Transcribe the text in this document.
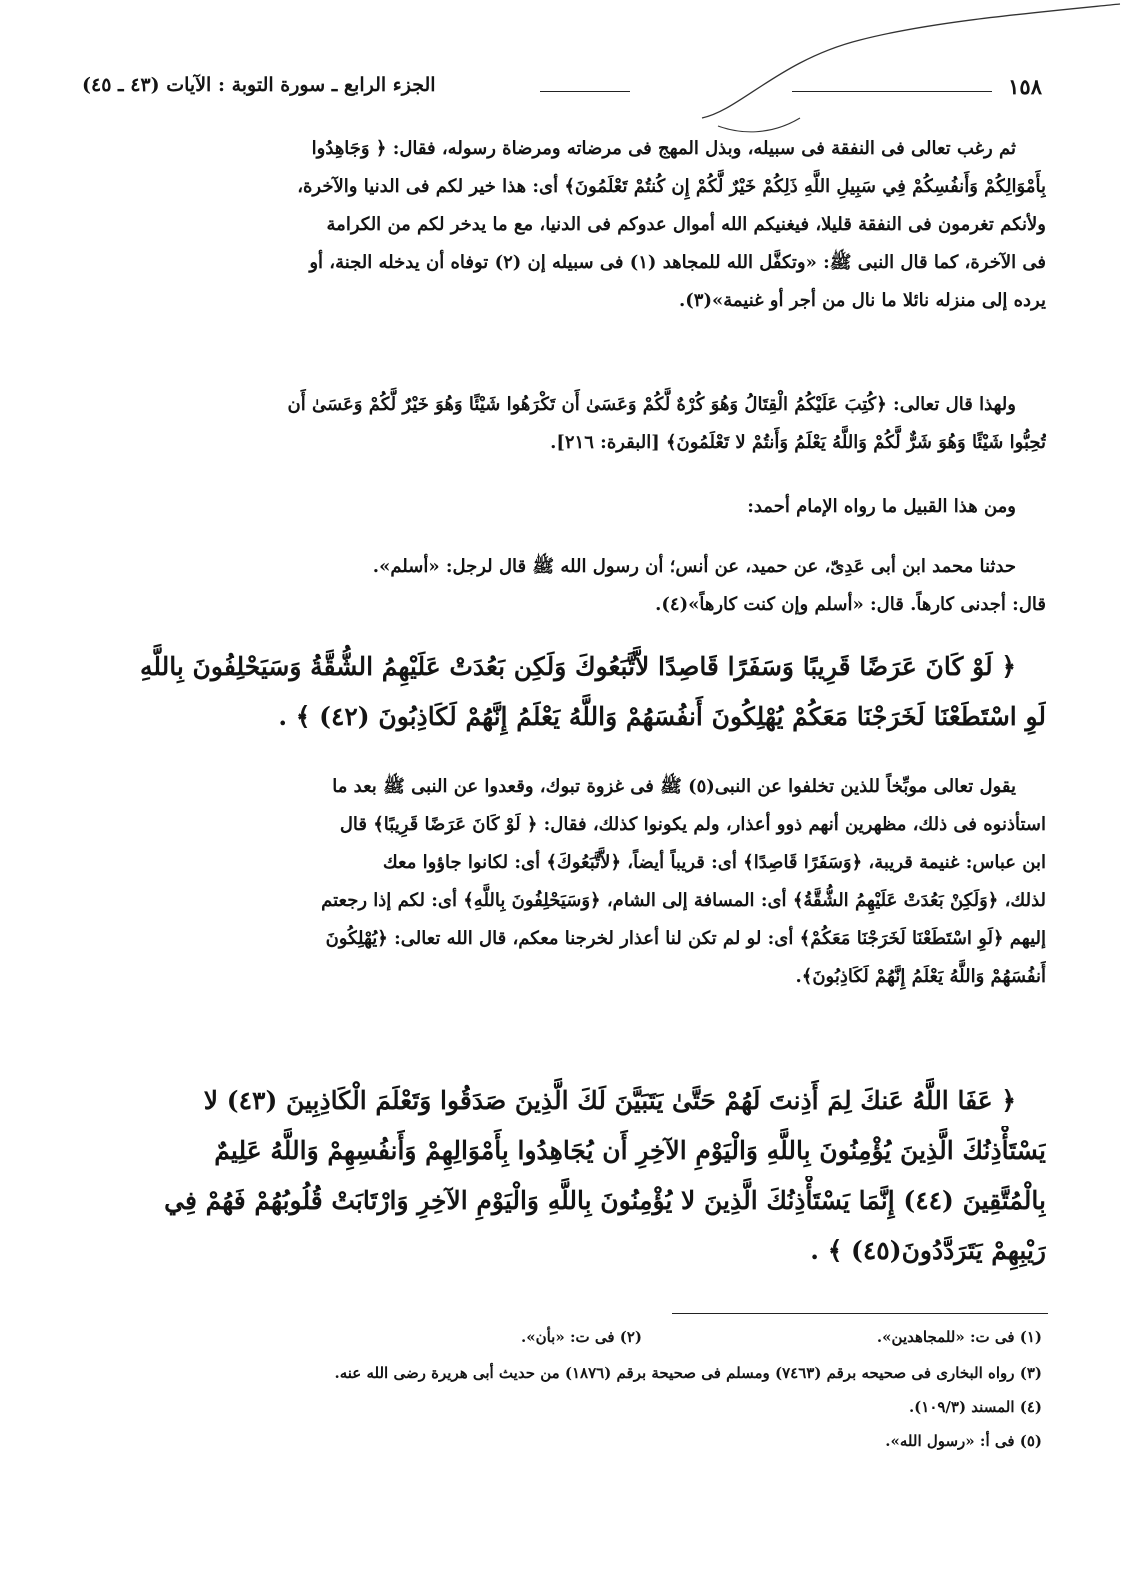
١٥٨
الجزء الرابع ـ سورة التوبة : الآيات (٤٣ ـ ٤٥)
ثم رغب تعالى فى النفقة فى سبيله، وبذل المهج فى مرضاته ومرضاة رسوله، فقال: ﴿ وَجَاهِدُوا
بِأَمْوَالِكُمْ وَأَنفُسِكُمْ فِي سَبِيلِ اللَّهِ ذَلِكُمْ خَيْرٌ لَّكُمْ إِن كُنتُمْ تَعْلَمُونَ﴾ أى: هذا خير لكم فى الدنيا والآخرة،
ولأنكم تغرمون فى النفقة قليلا، فيغنيكم الله أموال عدوكم فى الدنيا، مع ما يدخر لكم من الكرامة
فى الآخرة، كما قال النبى ﷺ: «وتكفَّل الله للمجاهد (١) فى سبيله إن (٢) توفاه أن يدخله الجنة، أو
يرده إلى منزله نائلا ما نال من أجر أو غنيمة»(٣).
ولهذا قال تعالى: ﴿كُتِبَ عَلَيْكُمُ الْقِتَالُ وَهُوَ كُرْهٌ لَّكُمْ وَعَسَىٰ أَن تَكْرَهُوا شَيْئًا وَهُوَ خَيْرٌ لَّكُمْ وَعَسَىٰ أَن
تُحِبُّوا شَيْئًا وَهُوَ شَرٌّ لَّكُمْ وَاللَّهُ يَعْلَمُ وَأَنتُمْ لا تَعْلَمُونَ﴾ [البقرة: ٢١٦].
ومن هذا القبيل ما رواه الإمام أحمد:
حدثنا محمد ابن أبى عَدِىّ، عن حميد، عن أنس؛ أن رسول الله ﷺ قال لرجل: «أسلم».
قال: أجدنى كارهاً. قال: «أسلم وإن كنت كارهاً»(٤).
﴿ لَوْ كَانَ عَرَضًا قَرِيبًا وَسَفَرًا قَاصِدًا لاَّتَّبَعُوكَ وَلَكِن بَعُدَتْ عَلَيْهِمُ الشُّقَّةُ وَسَيَحْلِفُونَ بِاللَّهِ
لَوِ اسْتَطَعْنَا لَخَرَجْنَا مَعَكُمْ يُهْلِكُونَ أَنفُسَهُمْ وَاللَّهُ يَعْلَمُ إِنَّهُمْ لَكَاذِبُونَ (٤٢) ﴾ .
يقول تعالى موبِّخاً للذين تخلفوا عن النبى(٥) ﷺ فى غزوة تبوك، وقعدوا عن النبى ﷺ بعد ما
استأذنوه فى ذلك، مظهرين أنهم ذوو أعذار، ولم يكونوا كذلك، فقال: ﴿ لَوْ كَانَ عَرَضًا قَرِيبًا﴾ قال
ابن عباس: غنيمة قريبة، ﴿وَسَفَرًا قَاصِدًا﴾ أى: قريباً أيضاً، ﴿لاَّتَّبَعُوكَ﴾ أى: لكانوا جاؤوا معك
لذلك، ﴿وَلَكِنْ بَعُدَتْ عَلَيْهِمُ الشُّقَّةُ﴾ أى: المسافة إلى الشام، ﴿وَسَيَحْلِفُونَ بِاللَّهِ﴾ أى: لكم إذا رجعتم
إليهم ﴿لَوِ اسْتَطَعْنَا لَخَرَجْنَا مَعَكُمْ﴾ أى: لو لم تكن لنا أعذار لخرجنا معكم، قال الله تعالى: ﴿يُهْلِكُونَ
أَنفُسَهُمْ وَاللَّهُ يَعْلَمُ إِنَّهُمْ لَكَاذِبُونَ﴾.
﴿ عَفَا اللَّهُ عَنكَ لِمَ أَذِنتَ لَهُمْ حَتَّىٰ يَتَبَيَّنَ لَكَ الَّذِينَ صَدَقُوا وَتَعْلَمَ الْكَاذِبِينَ (٤٣) لا
يَسْتَأْذِنُكَ الَّذِينَ يُؤْمِنُونَ بِاللَّهِ وَالْيَوْمِ الآخِرِ أَن يُجَاهِدُوا بِأَمْوَالِهِمْ وَأَنفُسِهِمْ وَاللَّهُ عَلِيمٌ
بِالْمُتَّقِينَ (٤٤) إِنَّمَا يَسْتَأْذِنُكَ الَّذِينَ لا يُؤْمِنُونَ بِاللَّهِ وَالْيَوْمِ الآخِرِ وَارْتَابَتْ قُلُوبُهُمْ فَهُمْ فِي
رَيْبِهِمْ يَتَرَدَّدُونَ(٤٥) ﴾ .
(١) فى ت: «للمجاهدين».
(٢) فى ت: «بأن».
(٣) رواه البخارى فى صحيحه برقم (٧٤٦٣) ومسلم فى صحيحة برقم (١٨٧٦) من حديث أبى هريرة رضى الله عنه.
(٤) المسند (١٠٩/٣).
(٥) فى أ: «رسول الله».
